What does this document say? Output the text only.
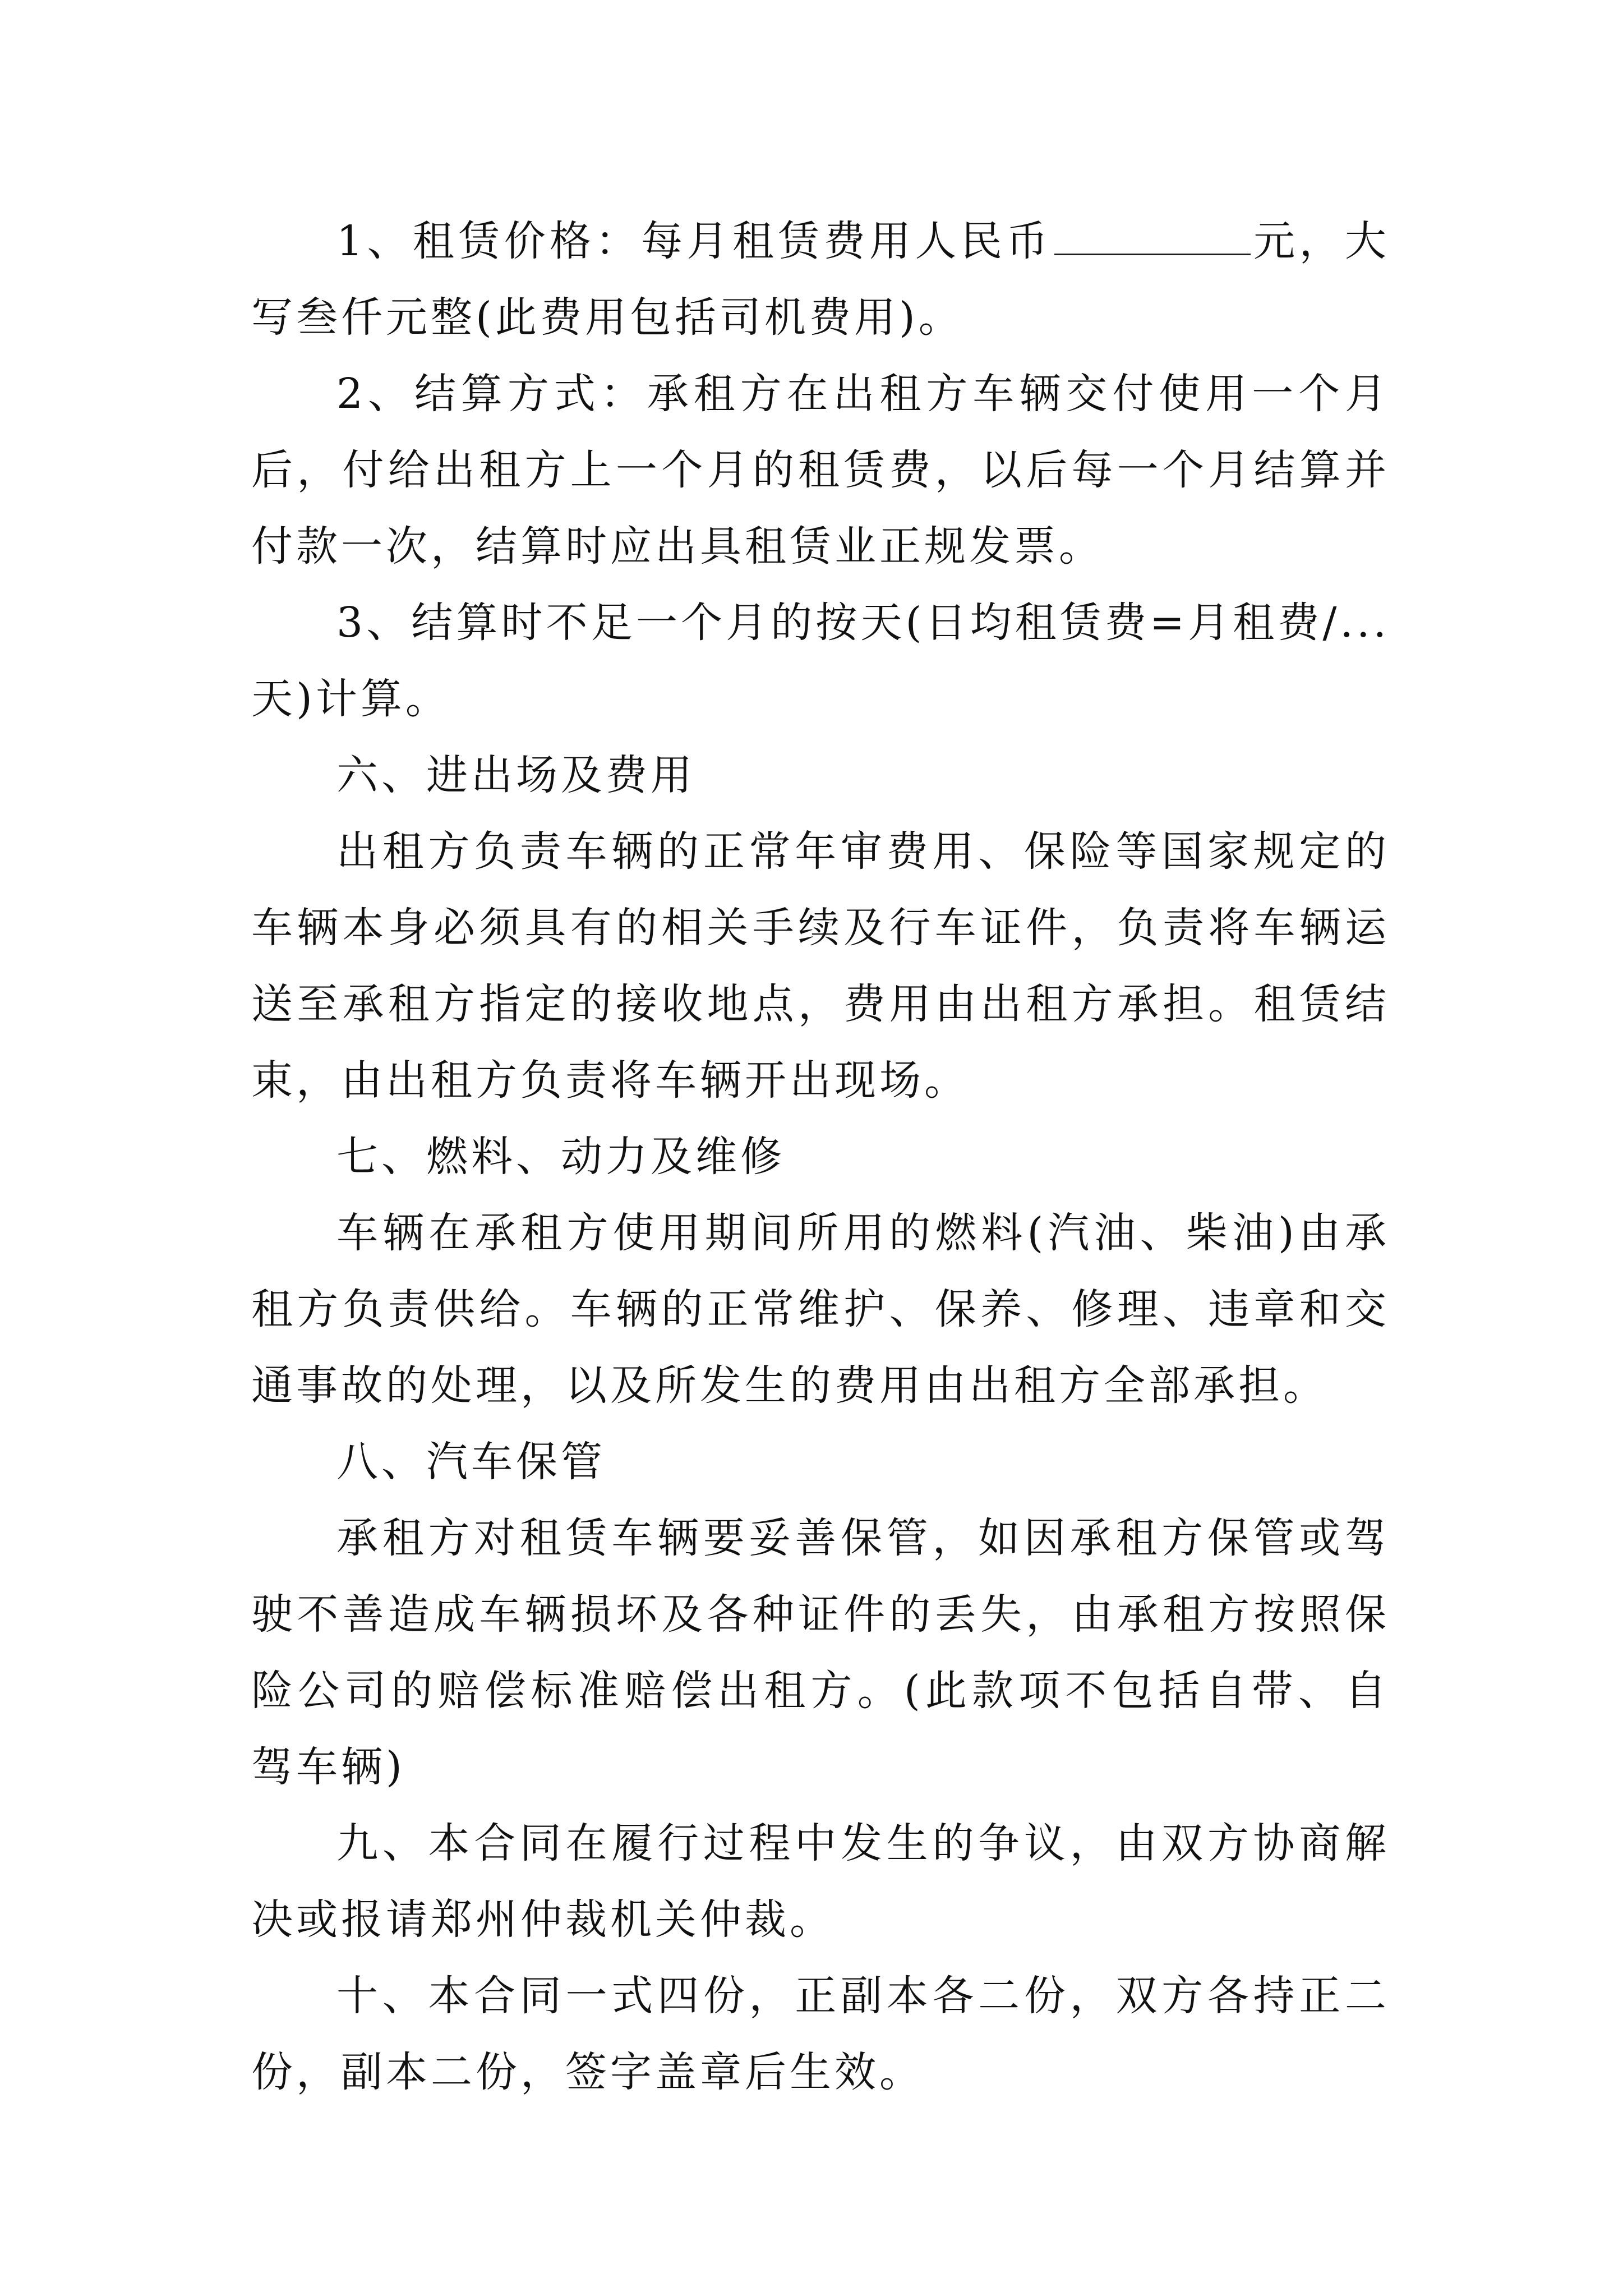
1、租赁价格：每月租赁费用人民币	元，大写叁仟元整(此费用包括司机费用)。

2、结算方式：承租方在出租方车辆交付使用一个月后，付给出租方上一个月的租赁费，以后每一个月结算并付款一次，结算时应出具租赁业正规发票。

3、结算时不足一个月的按天(日均租赁费=月租费/...天)计算。

六、进出场及费用

出租方负责车辆的正常年审费用、保险等国家规定的车辆本身必须具有的相关手续及行车证件，负责将车辆运送至承租方指定的接收地点，费用由出租方承担。租赁结束，由出租方负责将车辆开出现场。

七、燃料、动力及维修

车辆在承租方使用期间所用的燃料(汽油、柴油)由承租方负责供给。车辆的正常维护、保养、修理、违章和交通事故的处理，以及所发生的费用由出租方全部承担。

八、汽车保管

承租方对租赁车辆要妥善保管，如因承租方保管或驾驶不善造成车辆损坏及各种证件的丢失，由承租方按照保险公司的赔偿标准赔偿出租方。(此款项不包括自带、自驾车辆)

九、本合同在履行过程中发生的争议，由双方协商解决或报请郑州仲裁机关仲裁。

十、本合同一式四份，正副本各二份，双方各持正二份，副本二份，签字盖章后生效。
